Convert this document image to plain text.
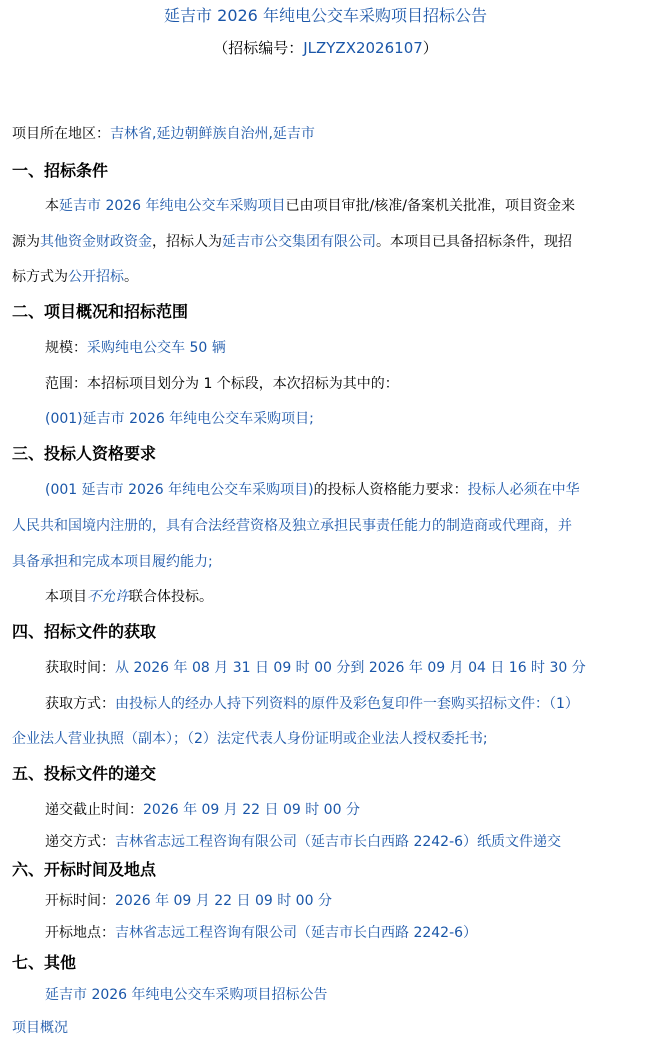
延吉市 2026 年纯电公交车采购项目招标公告
（招标编号：JLZYZX2026107）
项目所在地区：吉林省,延边朝鲜族自治州,延吉市
一、招标条件
本延吉市 2026 年纯电公交车采购项目已由项目审批/核准/备案机关批准，项目资金来
源为其他资金财政资金，招标人为延吉市公交集团有限公司。本项目已具备招标条件，现招
标方式为公开招标。
二、项目概况和招标范围
规模：采购纯电公交车 50 辆
范围：本招标项目划分为 1 个标段，本次招标为其中的：
(001)延吉市 2026 年纯电公交车采购项目;
三、投标人资格要求
(001 延吉市 2026 年纯电公交车采购项目)的投标人资格能力要求：投标人必须在中华
人民共和国境内注册的，具有合法经营资格及独立承担民事责任能力的制造商或代理商，并
具备承担和完成本项目履约能力;
本项目不允许联合体投标。
四、招标文件的获取
获取时间：从 2026 年 08 月 31 日 09 时 00 分到 2026 年 09 月 04 日 16 时 30 分
获取方式：由投标人的经办人持下列资料的原件及彩色复印件一套购买招标文件：（1）
企业法人营业执照（副本）；（2）法定代表人身份证明或企业法人授权委托书;
五、投标文件的递交
递交截止时间：2026 年 09 月 22 日 09 时 00 分
递交方式：吉林省志远工程咨询有限公司（延吉市长白西路 2242-6）纸质文件递交
六、开标时间及地点
开标时间：2026 年 09 月 22 日 09 时 00 分
开标地点：吉林省志远工程咨询有限公司（延吉市长白西路 2242-6）
七、其他
延吉市 2026 年纯电公交车采购项目招标公告
项目概况
